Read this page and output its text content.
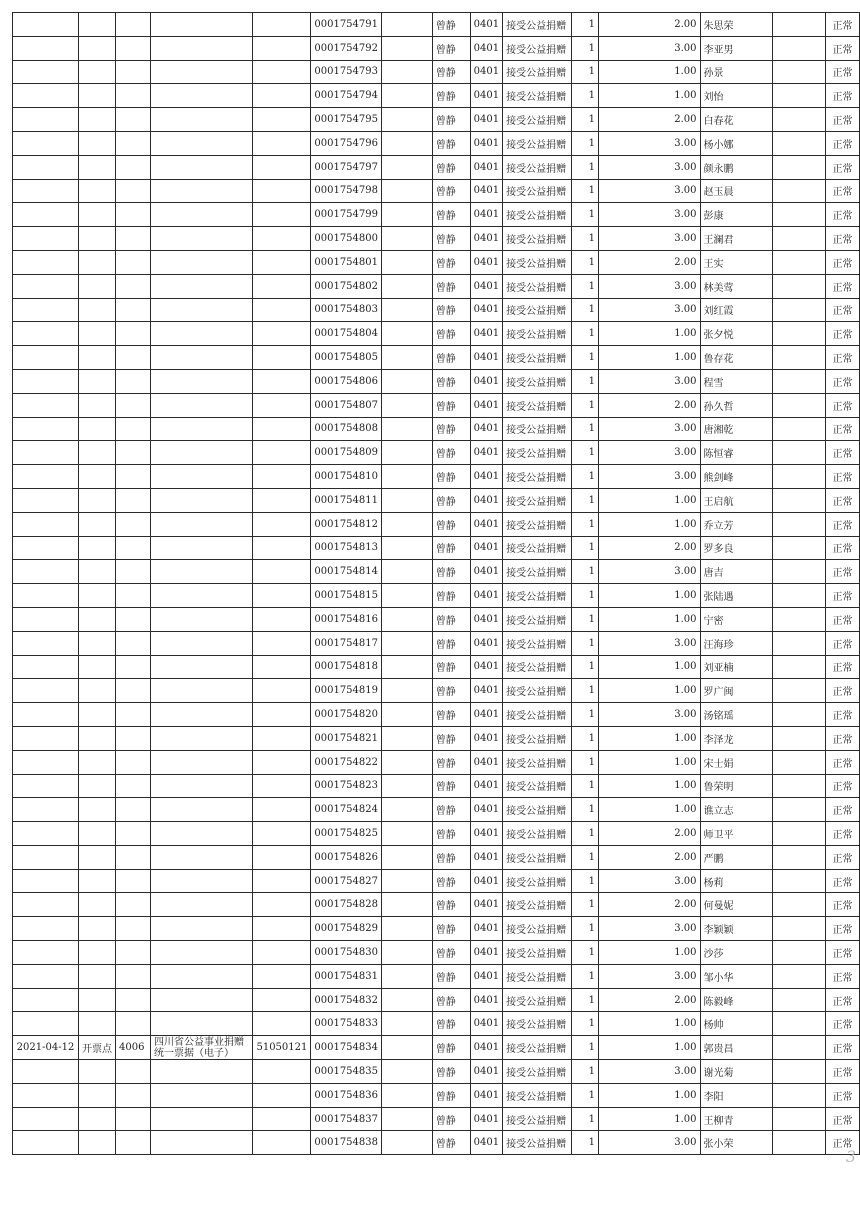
					0001754791		曾静	0401	接受公益捐赠	1	2.00	朱思荣		正常
					0001754792		曾静	0401	接受公益捐赠	1	3.00	李亚男		正常
					0001754793		曾静	0401	接受公益捐赠	1	1.00	孙景		正常
					0001754794		曾静	0401	接受公益捐赠	1	1.00	刘怡		正常
					0001754795		曾静	0401	接受公益捐赠	1	2.00	白春花		正常
					0001754796		曾静	0401	接受公益捐赠	1	3.00	杨小娜		正常
					0001754797		曾静	0401	接受公益捐赠	1	3.00	颜永鹏		正常
					0001754798		曾静	0401	接受公益捐赠	1	3.00	赵玉晨		正常
					0001754799		曾静	0401	接受公益捐赠	1	3.00	彭康		正常
					0001754800		曾静	0401	接受公益捐赠	1	3.00	王澜君		正常
					0001754801		曾静	0401	接受公益捐赠	1	2.00	王实		正常
					0001754802		曾静	0401	接受公益捐赠	1	3.00	林美莺		正常
					0001754803		曾静	0401	接受公益捐赠	1	3.00	刘红霞		正常
					0001754804		曾静	0401	接受公益捐赠	1	1.00	张夕悦		正常
					0001754805		曾静	0401	接受公益捐赠	1	1.00	鲁存花		正常
					0001754806		曾静	0401	接受公益捐赠	1	3.00	程雪		正常
					0001754807		曾静	0401	接受公益捐赠	1	2.00	孙久哲		正常
					0001754808		曾静	0401	接受公益捐赠	1	3.00	唐湘乾		正常
					0001754809		曾静	0401	接受公益捐赠	1	3.00	陈恒睿		正常
					0001754810		曾静	0401	接受公益捐赠	1	3.00	熊剑峰		正常
					0001754811		曾静	0401	接受公益捐赠	1	1.00	王启航		正常
					0001754812		曾静	0401	接受公益捐赠	1	1.00	乔立芳		正常
					0001754813		曾静	0401	接受公益捐赠	1	2.00	罗多良		正常
					0001754814		曾静	0401	接受公益捐赠	1	3.00	唐吉		正常
					0001754815		曾静	0401	接受公益捐赠	1	1.00	张陆遇		正常
					0001754816		曾静	0401	接受公益捐赠	1	1.00	宁密		正常
					0001754817		曾静	0401	接受公益捐赠	1	3.00	汪海珍		正常
					0001754818		曾静	0401	接受公益捐赠	1	1.00	刘亚楠		正常
					0001754819		曾静	0401	接受公益捐赠	1	1.00	罗广闽		正常
					0001754820		曾静	0401	接受公益捐赠	1	3.00	汤铭瑶		正常
					0001754821		曾静	0401	接受公益捐赠	1	1.00	李泽龙		正常
					0001754822		曾静	0401	接受公益捐赠	1	1.00	宋士娟		正常
					0001754823		曾静	0401	接受公益捐赠	1	1.00	鲁荣明		正常
					0001754824		曾静	0401	接受公益捐赠	1	1.00	谯立志		正常
					0001754825		曾静	0401	接受公益捐赠	1	2.00	师卫平		正常
					0001754826		曾静	0401	接受公益捐赠	1	2.00	严鹏		正常
					0001754827		曾静	0401	接受公益捐赠	1	3.00	杨莉		正常
					0001754828		曾静	0401	接受公益捐赠	1	2.00	何曼妮		正常
					0001754829		曾静	0401	接受公益捐赠	1	3.00	李颖颖		正常
					0001754830		曾静	0401	接受公益捐赠	1	1.00	沙莎		正常
					0001754831		曾静	0401	接受公益捐赠	1	3.00	邹小华		正常
					0001754832		曾静	0401	接受公益捐赠	1	2.00	陈毅峰		正常
					0001754833		曾静	0401	接受公益捐赠	1	1.00	杨帅		正常
2021-04-12	开票点	4006	四川省公益事业捐赠统一票据（电子）	51050121	0001754834		曾静	0401	接受公益捐赠	1	1.00	郭贵昌		正常
					0001754835		曾静	0401	接受公益捐赠	1	3.00	谢光菊		正常
					0001754836		曾静	0401	接受公益捐赠	1	1.00	李阳		正常
					0001754837		曾静	0401	接受公益捐赠	1	1.00	王柳青		正常
					0001754838		曾静	0401	接受公益捐赠	1	3.00	张小荣		正常
3
